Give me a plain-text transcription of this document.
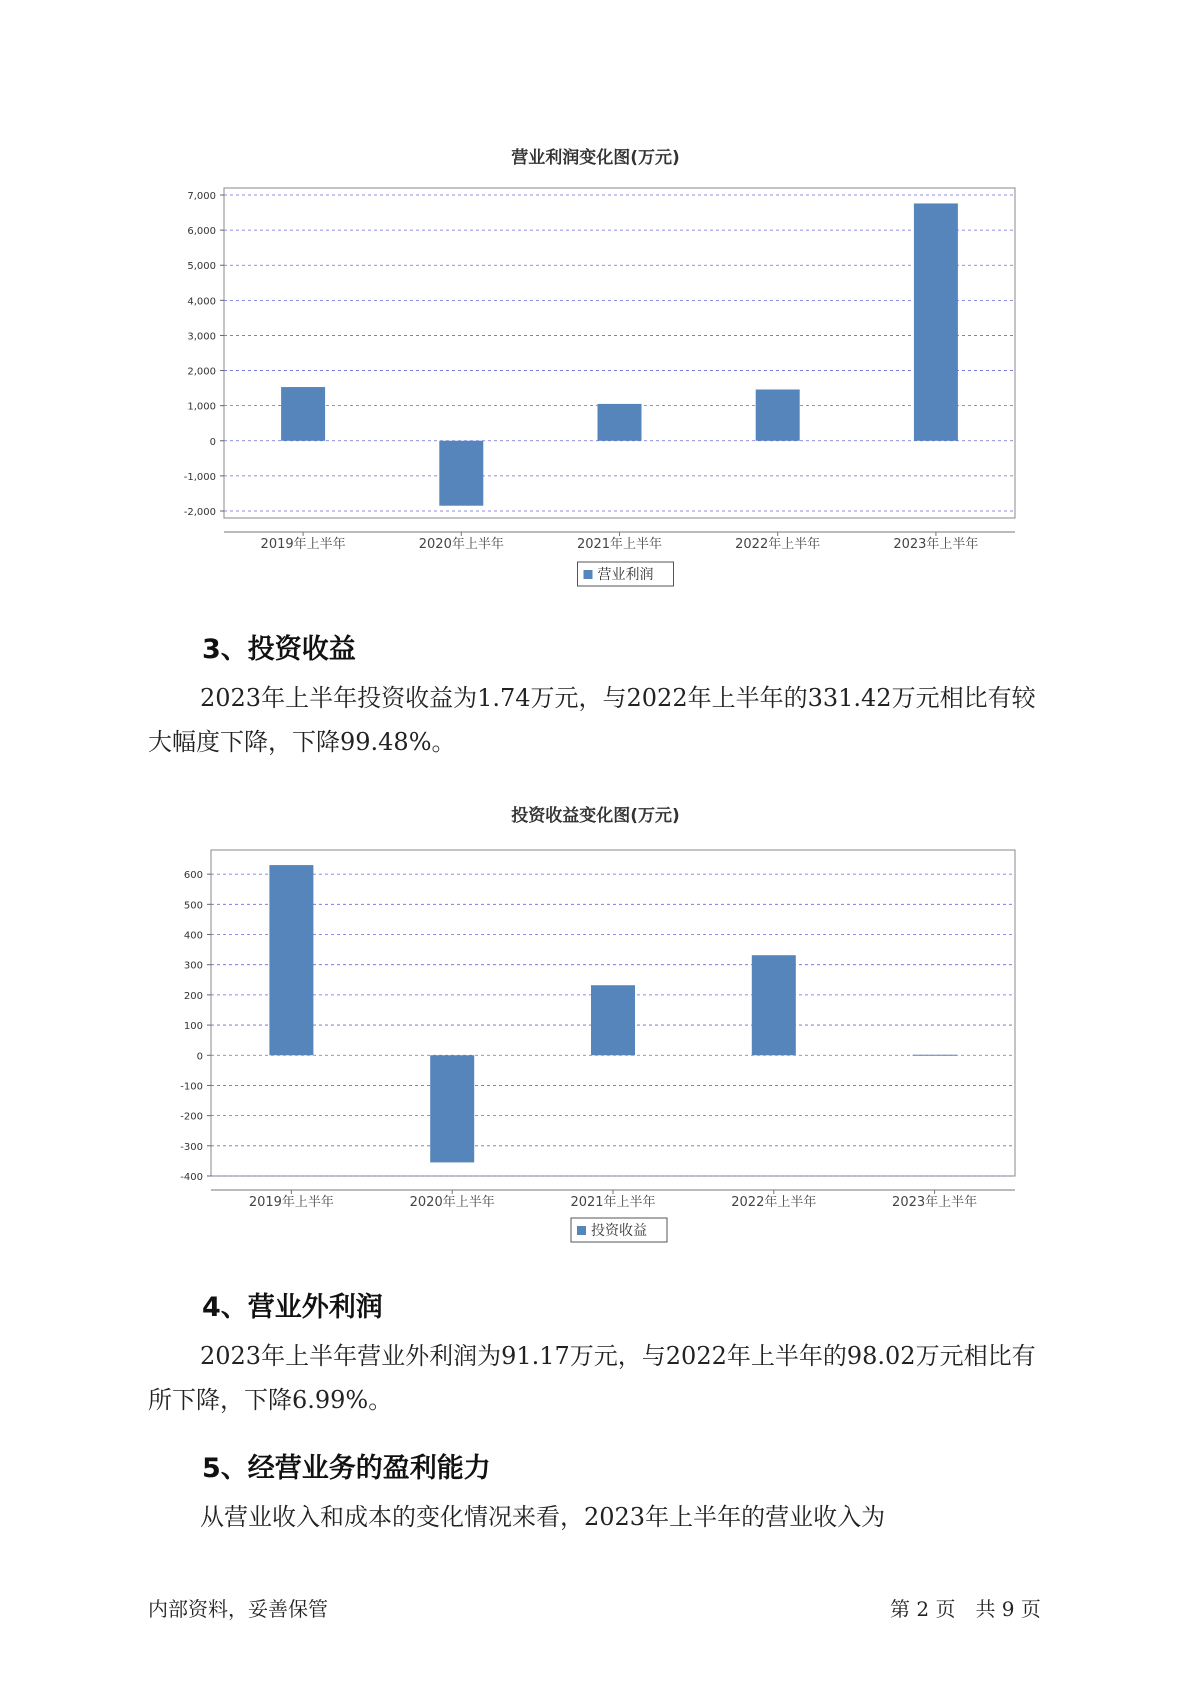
营业利润变化图(万元)
7,000
6,000
5,000
4,000
3,000
2,000
1,000
0
-1,000
-2,000
2019年上半年	2020年上半年	2021年上半年	2022年上半年	2023年上半年
营业利润
3、投资收益

2023年上半年投资收益为1.74万元，与2022年上半年的331.42万元相比有较大幅度下降，下降99.48%。

投资收益变化图(万元)
600
500
400
300
200
100
0
-100
-200
-300
-400
2019年上半年	2020年上半年	2021年上半年	2022年上半年	2023年上半年
投资收益
4、营业外利润

2023年上半年营业外利润为91.17万元，与2022年上半年的98.02万元相比有所下降，下降6.99%。

5、经营业务的盈利能力

从营业收入和成本的变化情况来看，2023年上半年的营业收入为

内部资料，妥善保管	第 2 页　共 9 页
